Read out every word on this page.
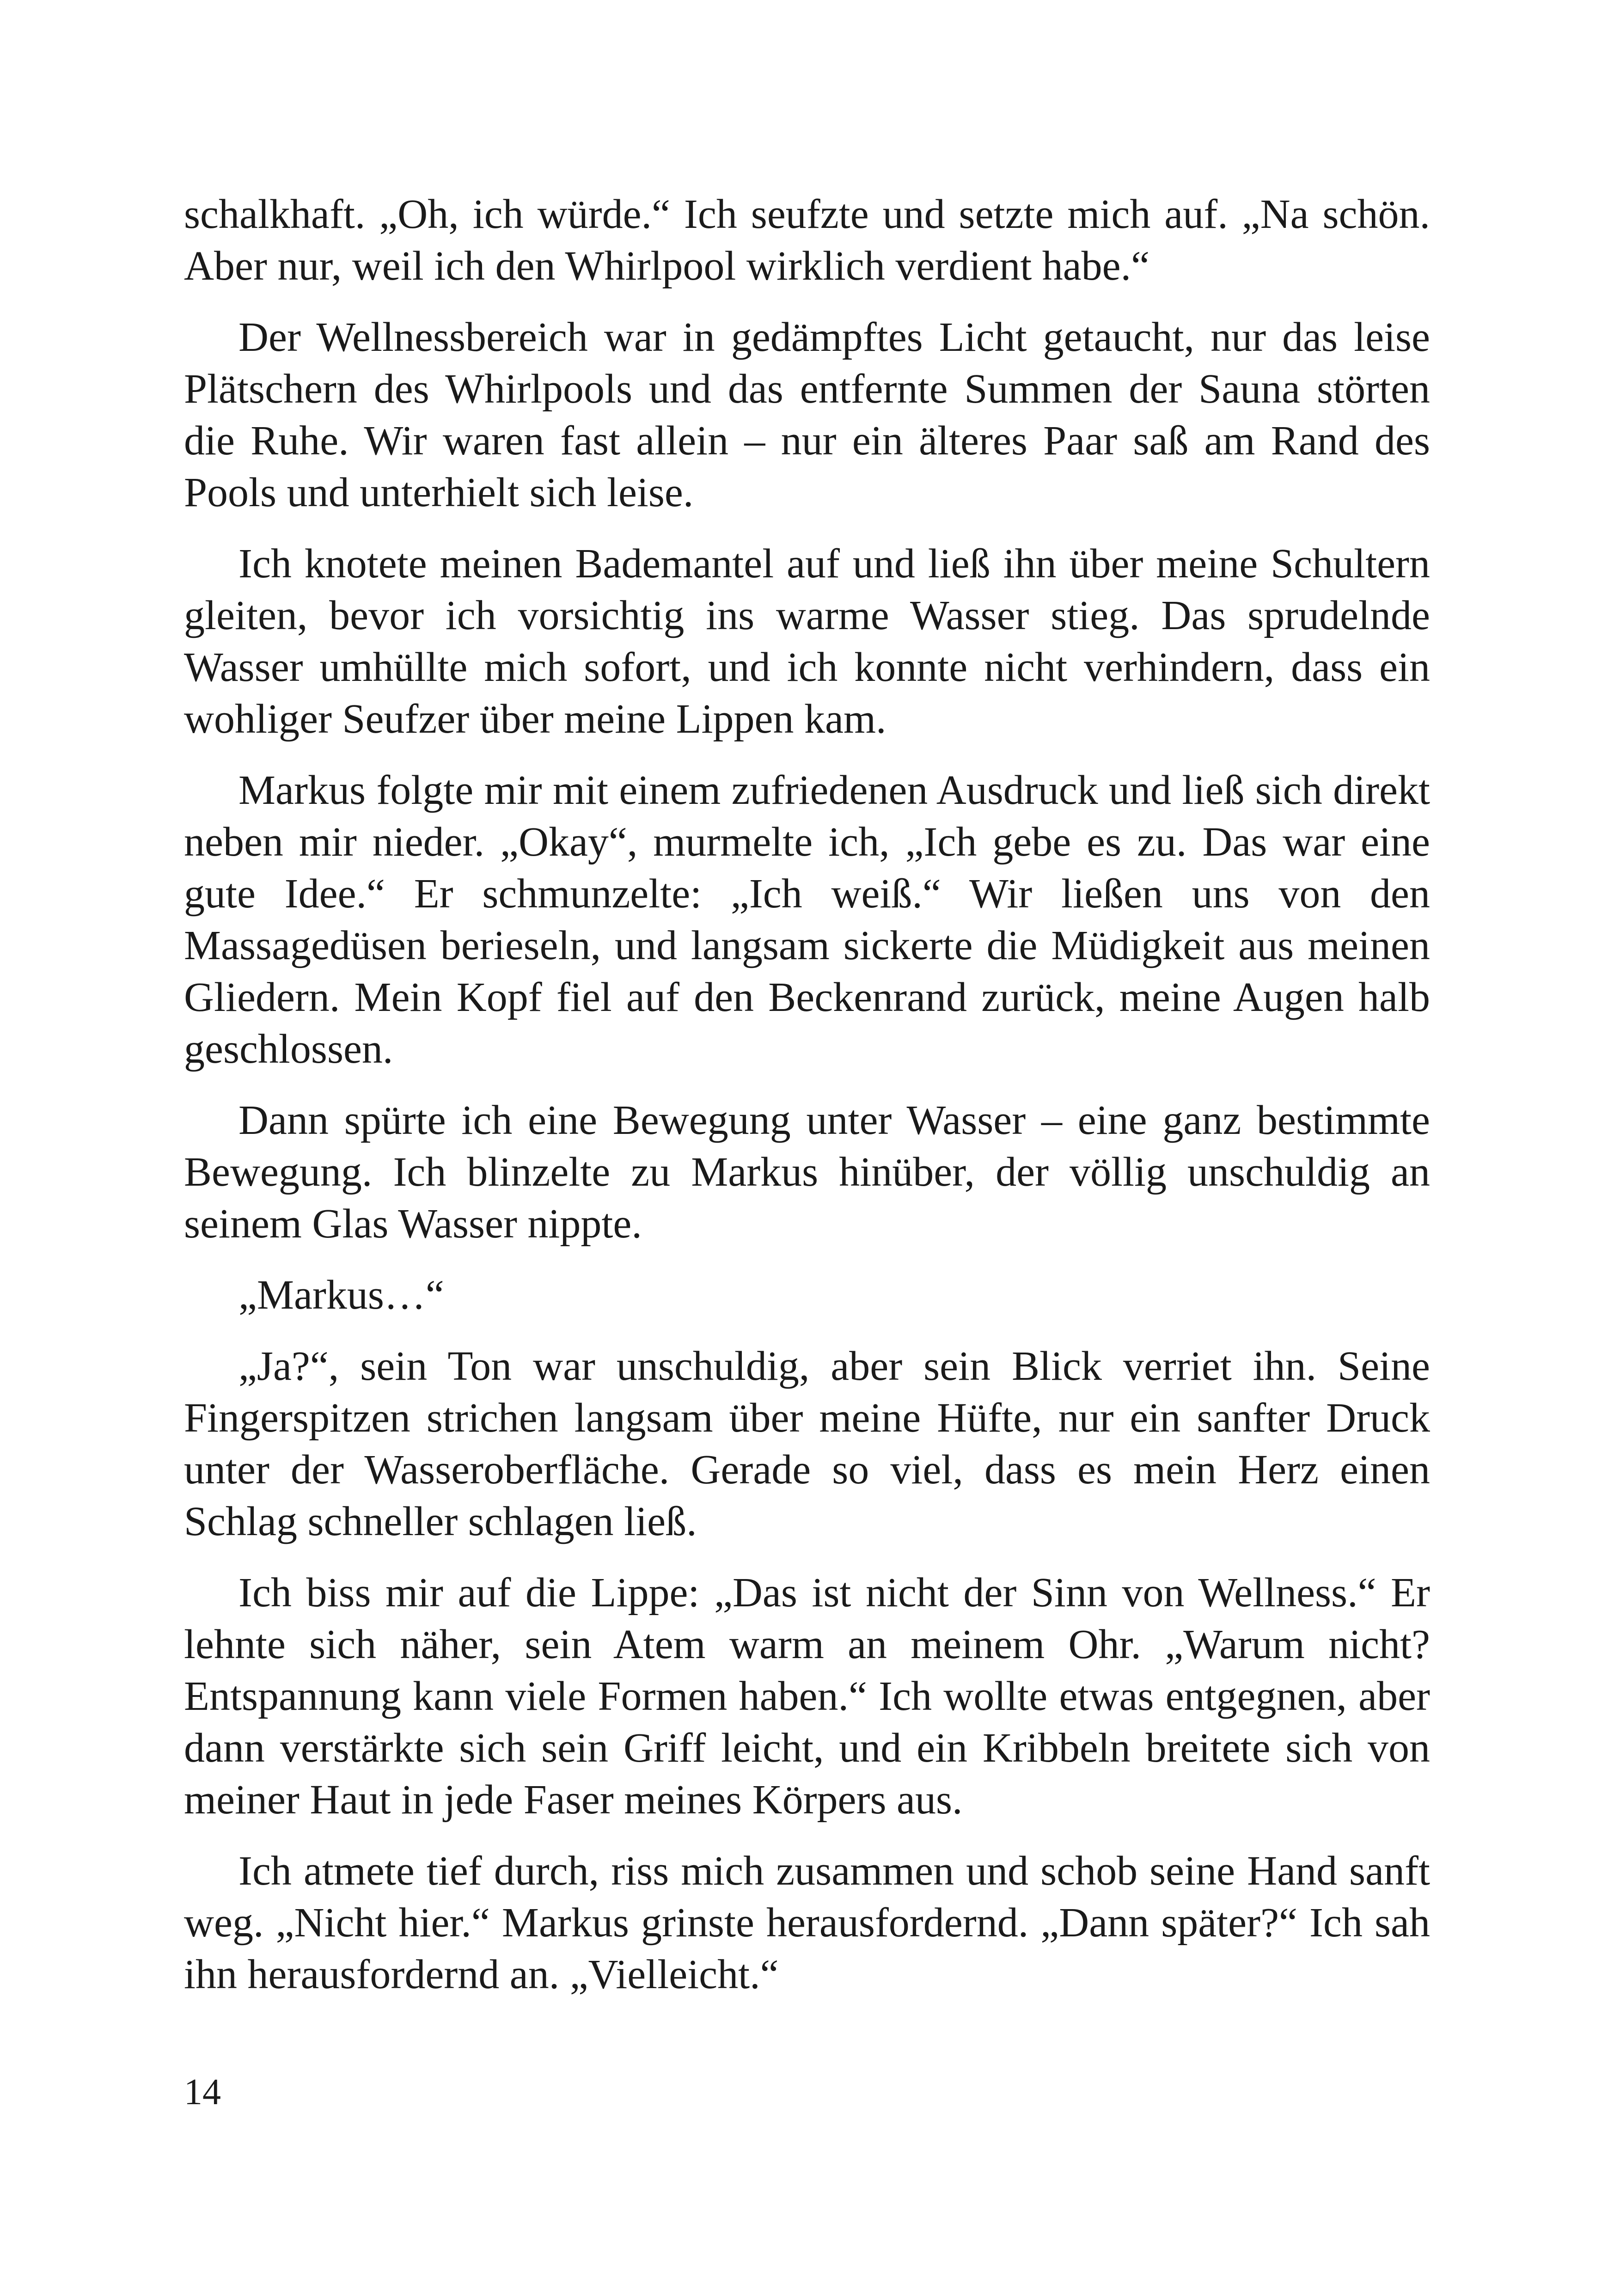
schalkhaft. „Oh, ich würde.“ Ich seufzte und setzte mich auf. „Na schön. Aber nur, weil ich den Whirlpool wirklich verdient habe.“

Der Wellnessbereich war in gedämpftes Licht getaucht, nur das leise Plätschern des Whirlpools und das entfernte Summen der Sauna störten die Ruhe. Wir waren fast allein – nur ein älteres Paar saß am Rand des Pools und unterhielt sich leise.

Ich knotete meinen Bademantel auf und ließ ihn über meine Schultern gleiten, bevor ich vorsichtig ins warme Wasser stieg. Das sprudelnde Wasser umhüllte mich sofort, und ich konnte nicht verhindern, dass ein wohliger Seufzer über meine Lippen kam.

Markus folgte mir mit einem zufriedenen Ausdruck und ließ sich direkt neben mir nieder. „Okay“, murmelte ich, „Ich gebe es zu. Das war eine gute Idee.“ Er schmunzelte: „Ich weiß.“ Wir ließen uns von den Massagedüsen berieseln, und langsam sickerte die Müdigkeit aus meinen Gliedern. Mein Kopf fiel auf den Beckenrand zurück, meine Augen halb geschlossen.

Dann spürte ich eine Bewegung unter Wasser – eine ganz bestimmte Bewegung. Ich blinzelte zu Markus hinüber, der völlig unschuldig an seinem Glas Wasser nippte.

„Markus…“

„Ja?“, sein Ton war unschuldig, aber sein Blick verriet ihn. Seine Fingerspitzen strichen langsam über meine Hüfte, nur ein sanfter Druck unter der Wasseroberfläche. Gerade so viel, dass es mein Herz einen Schlag schneller schlagen ließ.

Ich biss mir auf die Lippe: „Das ist nicht der Sinn von Wellness.“ Er lehnte sich näher, sein Atem warm an meinem Ohr. „Warum nicht? Entspannung kann viele Formen haben.“ Ich wollte etwas entgegnen, aber dann verstärkte sich sein Griff leicht, und ein Kribbeln breitete sich von meiner Haut in jede Faser meines Körpers aus.

Ich atmete tief durch, riss mich zusammen und schob seine Hand sanft weg. „Nicht hier.“ Markus grinste herausfordernd. „Dann später?“ Ich sah ihn herausfordernd an. „Vielleicht.“

14
